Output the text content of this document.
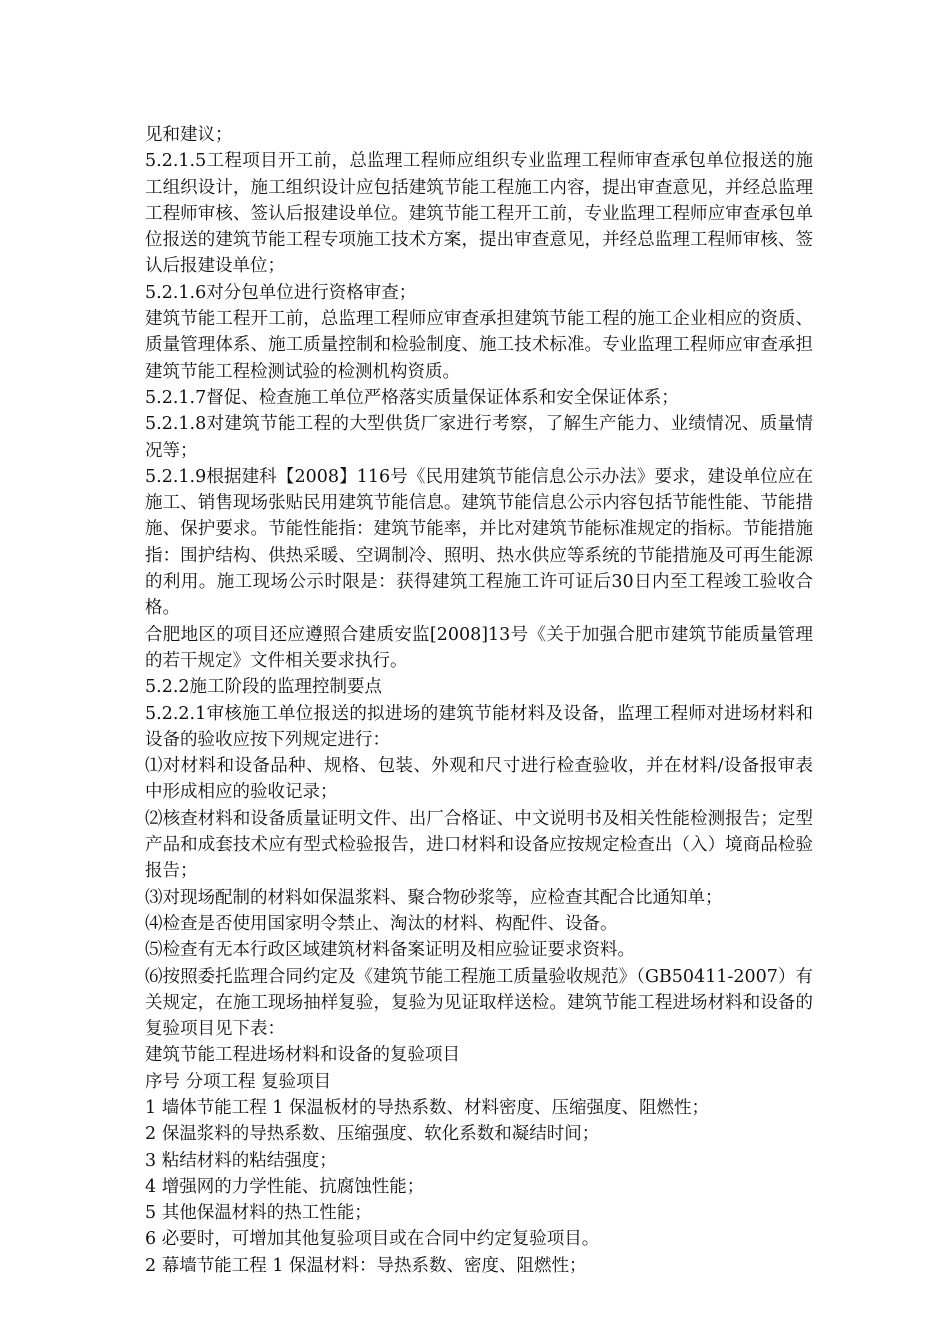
见和建议；

5.2.1.5工程项目开工前，总监理工程师应组织专业监理工程师审查承包单位报送的施工组织设计，施工组织设计应包括建筑节能工程施工内容，提出审查意见，并经总监理工程师审核、签认后报建设单位。建筑节能工程开工前，专业监理工程师应审查承包单位报送的建筑节能工程专项施工技术方案，提出审查意见，并经总监理工程师审核、签认后报建设单位；

5.2.1.6对分包单位进行资格审查；

建筑节能工程开工前，总监理工程师应审查承担建筑节能工程的施工企业相应的资质、质量管理体系、施工质量控制和检验制度、施工技术标准。专业监理工程师应审查承担建筑节能工程检测试验的检测机构资质。

5.2.1.7督促、检查施工单位严格落实质量保证体系和安全保证体系；

5.2.1.8对建筑节能工程的大型供货厂家进行考察，了解生产能力、业绩情况、质量情况等；

5.2.1.9根据建科【2008】116号《民用建筑节能信息公示办法》要求，建设单位应在施工、销售现场张贴民用建筑节能信息。建筑节能信息公示内容包括节能性能、节能措施、保护要求。节能性能指：建筑节能率，并比对建筑节能标准规定的指标。节能措施指：围护结构、供热采暖、空调制冷、照明、热水供应等系统的节能措施及可再生能源的利用。施工现场公示时限是：获得建筑工程施工许可证后30日内至工程竣工验收合格。

合肥地区的项目还应遵照合建质安监[2008]13号《关于加强合肥市建筑节能质量管理的若干规定》文件相关要求执行。

5.2.2施工阶段的监理控制要点

5.2.2.1审核施工单位报送的拟进场的建筑节能材料及设备，监理工程师对进场材料和设备的验收应按下列规定进行：

⑴对材料和设备品种、规格、包装、外观和尺寸进行检查验收，并在材料/设备报审表中形成相应的验收记录；

⑵核查材料和设备质量证明文件、出厂合格证、中文说明书及相关性能检测报告；定型产品和成套技术应有型式检验报告，进口材料和设备应按规定检查出（入）境商品检验报告；

⑶对现场配制的材料如保温浆料、聚合物砂浆等，应检查其配合比通知单；

⑷检查是否使用国家明令禁止、淘汰的材料、构配件、设备。

⑸检查有无本行政区域建筑材料备案证明及相应验证要求资料。

⑹按照委托监理合同约定及《建筑节能工程施工质量验收规范》（GB50411-2007）有关规定，在施工现场抽样复验，复验为见证取样送检。建筑节能工程进场材料和设备的复验项目见下表：

建筑节能工程进场材料和设备的复验项目

序号 分项工程 复验项目

1 墙体节能工程 1 保温板材的导热系数、材料密度、压缩强度、阻燃性；

2 保温浆料的导热系数、压缩强度、软化系数和凝结时间；

3 粘结材料的粘结强度；

4 增强网的力学性能、抗腐蚀性能；

5 其他保温材料的热工性能；

6 必要时，可增加其他复验项目或在合同中约定复验项目。

2 幕墙节能工程 1 保温材料：导热系数、密度、阻燃性；
